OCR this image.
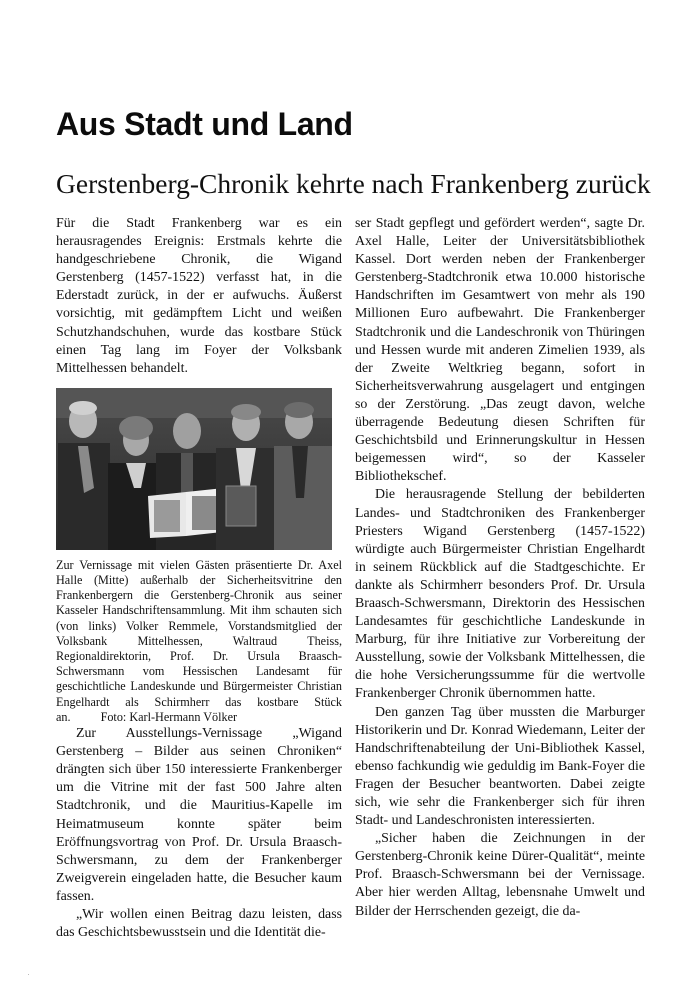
Aus Stadt und Land
Gerstenberg-Chronik kehrte nach Frankenberg zurück

Für die Stadt Frankenberg war es ein herausragendes Ereignis: Erstmals kehrte die handgeschriebene Chronik, die Wigand Gerstenberg (1457-1522) verfasst hat, in die Ederstadt zurück, in der er aufwuchs. Äußerst vorsichtig, mit gedämpftem Licht und weißen Schutzhandschuhen, wurde das kostbare Stück einen Tag lang im Foyer der Volksbank Mittelhessen behandelt.

Zur Vernissage mit vielen Gästen präsentierte Dr. Axel Halle (Mitte) außerhalb der Sicherheitsvitrine den Frankenbergern die Gerstenberg-Chronik aus seiner Kasseler Handschriftensammlung. Mit ihm schauten sich (von links) Volker Remmele, Vorstandsmitglied der Volksbank Mittelhessen, Waltraud Theiss, Regionaldirektorin, Prof. Dr. Ursula Braasch-Schwersmann vom Hessischen Landesamt für geschichtliche Landeskunde und Bürgermeister Christian Engelhardt als Schirmherr das kostbare Stück an. Foto: Karl-Hermann Völker

Zur Ausstellungs-Vernissage „Wigand Gerstenberg – Bilder aus seinen Chroniken“ drängten sich über 150 interessierte Frankenberger um die Vitrine mit der fast 500 Jahre alten Stadtchronik, und die Mauritius-Kapelle im Heimatmuseum konnte später beim Eröffnungsvortrag von Prof. Dr. Ursula Braasch-Schwersmann, zu dem der Frankenberger Zweigverein eingeladen hatte, die Besucher kaum fassen.

„Wir wollen einen Beitrag dazu leisten, dass das Geschichtsbewusstsein und die Identität die-

ser Stadt gepflegt und gefördert werden“, sagte Dr. Axel Halle, Leiter der Universitätsbibliothek Kassel. Dort werden neben der Frankenberger Gerstenberg-Stadtchronik etwa 10.000 historische Handschriften im Gesamtwert von mehr als 190 Millionen Euro aufbewahrt. Die Frankenberger Stadtchronik und die Landeschronik von Thüringen und Hessen wurde mit anderen Zimelien 1939, als der Zweite Weltkrieg begann, sofort in Sicherheitsverwahrung ausgelagert und entgingen so der Zerstörung. „Das zeugt davon, welche überragende Bedeutung diesen Schriften für Geschichtsbild und Erinnerungskultur in Hessen beigemessen wird“, so der Kasseler Bibliothekschef.

Die herausragende Stellung der bebilderten Landes- und Stadtchroniken des Frankenberger Priesters Wigand Gerstenberg (1457-1522) würdigte auch Bürgermeister Christian Engelhardt in seinem Rückblick auf die Stadtgeschichte. Er dankte als Schirmherr besonders Prof. Dr. Ursula Braasch-Schwersmann, Direktorin des Hessischen Landesamtes für geschichtliche Landeskunde in Marburg, für ihre Initiative zur Vorbereitung der Ausstellung, sowie der Volksbank Mittelhessen, die die hohe Versicherungssumme für die wertvolle Frankenberger Chronik übernommen hatte.

Den ganzen Tag über mussten die Marburger Historikerin und Dr. Konrad Wiedemann, Leiter der Handschriftenabteilung der Uni-Bibliothek Kassel, ebenso fachkundig wie geduldig im Bank-Foyer die Fragen der Besucher beantworten. Dabei zeigte sich, wie sehr die Frankenberger sich für ihren Stadt- und Landeschronisten interessierten.

„Sicher haben die Zeichnungen in der Gerstenberg-Chronik keine Dürer-Qualität“, meinte Prof. Braasch-Schwersmann bei der Vernissage. Aber hier werden Alltag, lebensnahe Umwelt und Bilder der Herrschenden gezeigt, die da-
